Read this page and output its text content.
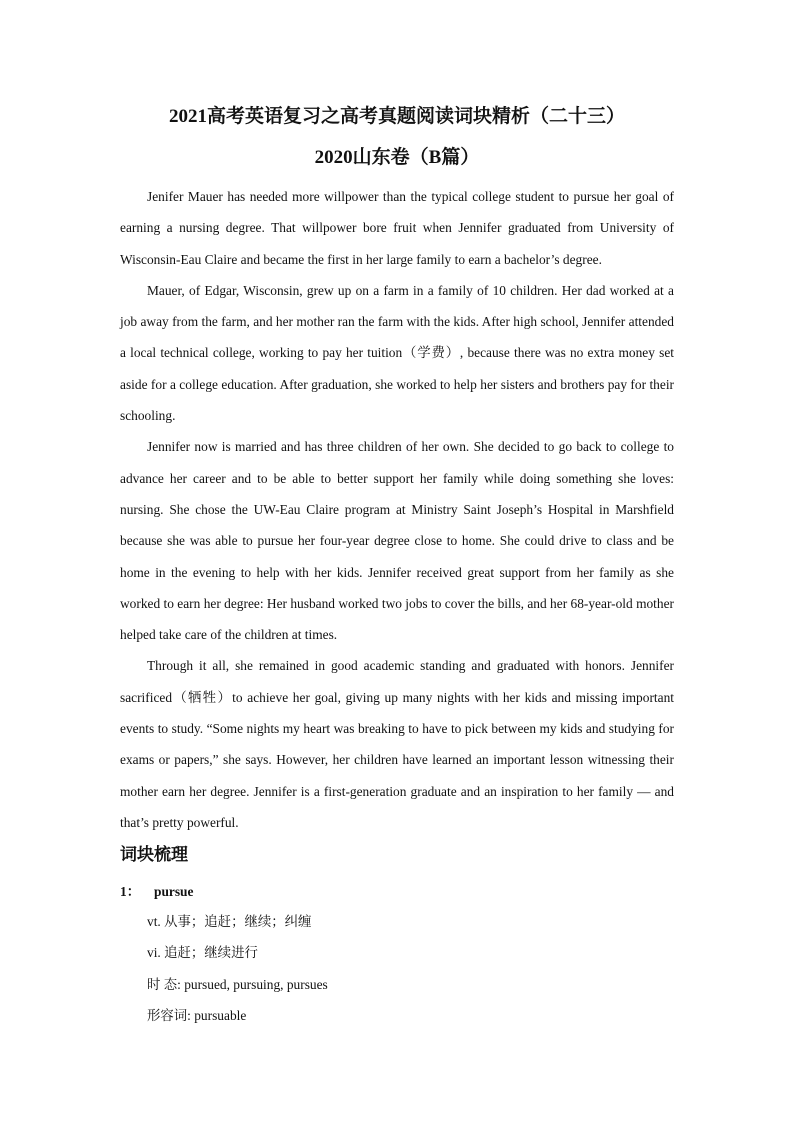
2021高考英语复习之高考真题阅读词块精析（二十三）
2020山东卷（B篇）

Jenifer Mauer has needed more willpower than the typical college student to pursue her goal of earning a nursing degree. That willpower bore fruit when Jennifer graduated from University of Wisconsin-Eau Claire and became the first in her large family to earn a bachelor’s degree.

Mauer, of Edgar, Wisconsin, grew up on a farm in a family of 10 children. Her dad worked at a job away from the farm, and her mother ran the farm with the kids. After high school, Jennifer attended a local technical college, working to pay her tuition（学费）, because there was no extra money set aside for a college education. After graduation, she worked to help her sisters and brothers pay for their schooling.

Jennifer now is married and has three children of her own. She decided to go back to college to advance her career and to be able to better support her family while doing something she loves: nursing. She chose the UW-Eau Claire program at Ministry Saint Joseph’s Hospital in Marshfield because she was able to pursue her four-year degree close to home. She could drive to class and be home in the evening to help with her kids. Jennifer received great support from her family as she worked to earn her degree: Her husband worked two jobs to cover the bills, and her 68-year-old mother helped take care of the children at times.

Through it all, she remained in good academic standing and graduated with honors. Jennifer sacrificed（牺牲）to achieve her goal, giving up many nights with her kids and missing important events to study. “Some nights my heart was breaking to have to pick between my kids and studying for exams or papers,” she says. However, her children have learned an important lesson witnessing their mother earn her degree. Jennifer is a first-generation graduate and an inspiration to her family — and that’s pretty powerful.

词块梳理

1： pursue

vt. 从事；追赶；继续；纠缠

vi. 追赶；继续进行

时 态: pursued, pursuing, pursues

形容词: pursuable
